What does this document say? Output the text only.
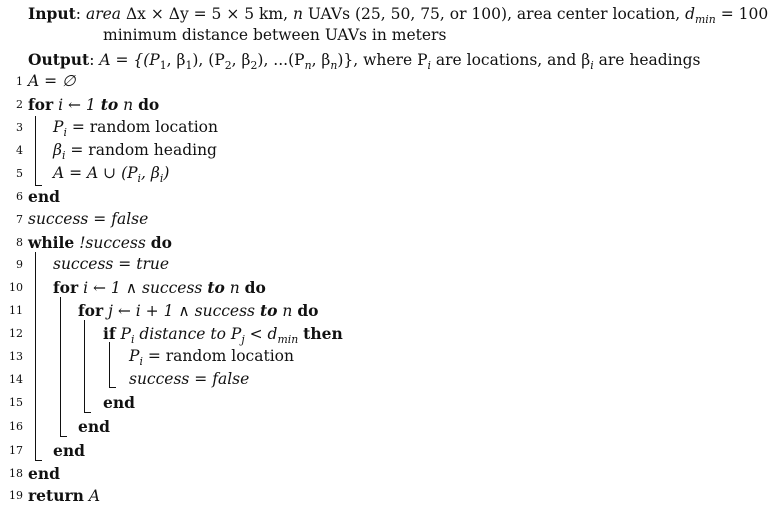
Input: area Δx × Δy = 5 × 5 km, n UAVs (25, 50, 75, or 100), area center location, $d_{min} = 100$
minimum distance between UAVs in meters
Output: $A = \{(P_1$, $\beta_1$), ($P_2$, $\beta_2$), $...(P_n$, $\beta_n$)}, where $P_i$ are locations, and $\beta_i$ are headings
1 A = ∅
2 for i ← 1 to n do
3 $P_i$ = random location
4 $\beta_i$ = random heading
5 A = A ∪ ($P_i$, $\beta_i$)
6 end
7 success = false
8 while !success do
9 success = true
10 for i ← 1 ∧ success to n do
11	for j ← i + 1 ∧ success to n do
12	if $P_i$ distance to $P_j < d_{min}$ then
13	$P_i$ = random location
14	success = false
15	end
16	end
17 end
18 end
19 return A
